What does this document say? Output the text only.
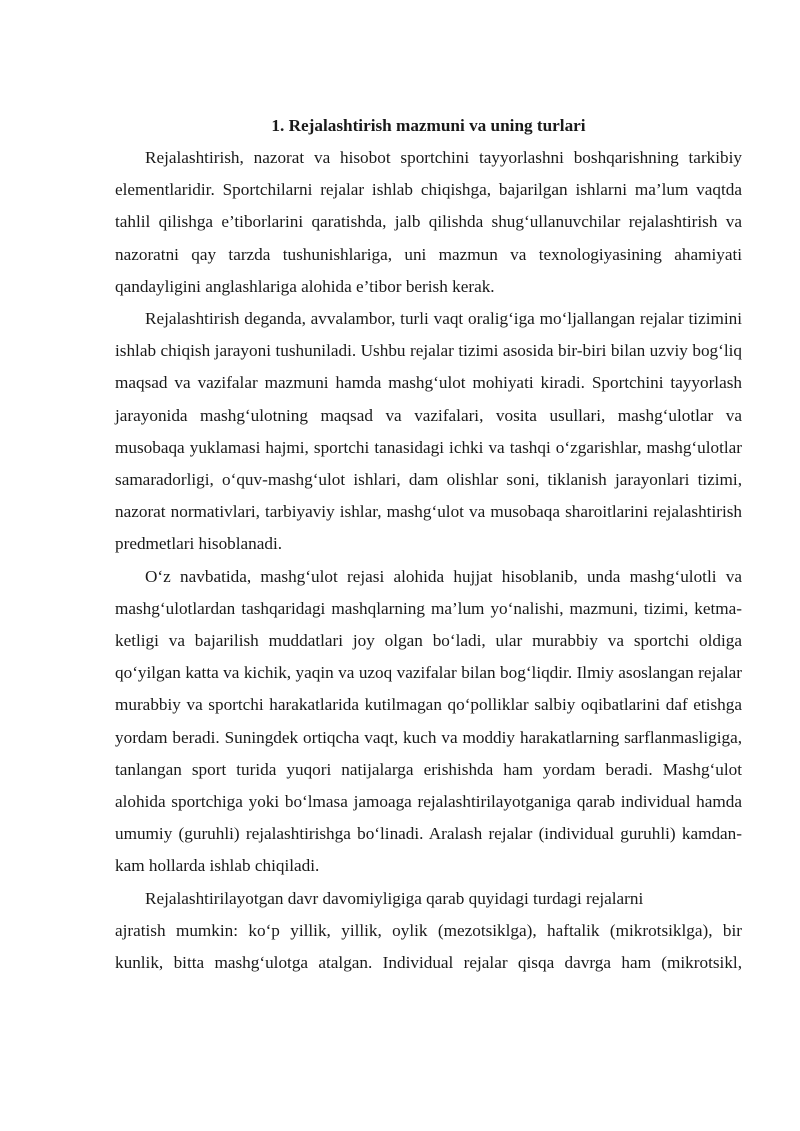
1. Rejalashtirish mazmuni va uning turlari

Rejalashtirish, nazorat va hisobot sportchini tayyorlashni boshqarishning tarkibiy elementlaridir. Sportchilarni rejalar ishlab chiqishga, bajarilgan ishlarni ma’lum vaqtda tahlil qilishga e’tiborlarini qaratishda, jalb qilishda shug‘ullanuvchilar rejalashtirish va nazoratni qay tarzda tushunishlariga, uni mazmun va texnologiyasining ahamiyati qandayligini anglashlariga alohida e’tibor berish kerak.

Rejalashtirish deganda, avvalambor, turli vaqt oralig‘iga mo‘ljallangan rejalar tizimini ishlab chiqish jarayoni tushuniladi. Ushbu rejalar tizimi asosida bir-biri bilan uzviy bog‘liq maqsad va vazifalar mazmuni hamda mashg‘ulot mohiyati kiradi. Sportchini tayyorlash jarayonida mashg‘ulotning maqsad va vazifalari, vosita usullari, mashg‘ulotlar va musobaqa yuklamasi hajmi, sportchi tanasidagi ichki va tashqi o‘zgarishlar, mashg‘ulotlar samaradorligi, o‘quv-mashg‘ulot ishlari, dam olishlar soni, tiklanish jarayonlari tizimi, nazorat normativlari, tarbiyaviy ishlar, mashg‘ulot va musobaqa sharoitlarini rejalashtirish predmetlari hisoblanadi.

O‘z navbatida, mashg‘ulot rejasi alohida hujjat hisoblanib, unda mashg‘ulotli va mashg‘ulotlardan tashqaridagi mashqlarning ma’lum yo‘nalishi, mazmuni, tizimi, ketma-ketligi va bajarilish muddatlari joy olgan bo‘ladi, ular murabbiy va sportchi oldiga qo‘yilgan katta va kichik, yaqin va uzoq vazifalar bilan bog‘liqdir. Ilmiy asoslangan rejalar murabbiy va sportchi harakatlarida kutilmagan qo‘polliklar salbiy oqibatlarini daf etishga yordam beradi. Suningdek ortiqcha vaqt, kuch va moddiy harakatlarning sarflanmasligiga, tanlangan sport turida yuqori natijalarga erishishda ham yordam beradi. Mashg‘ulot alohida sportchiga yoki bo‘lmasa jamoaga rejalashtirilayotganiga qarab individual hamda umumiy (guruhli) rejalashtirishga bo‘linadi. Aralash rejalar (individual guruhli) kamdan-kam hollarda ishlab chiqiladi.

Rejalashtirilayotgan davr davomiyligiga qarab quyidagi turdagi rejalarni

ajratish mumkin: ko‘p yillik, yillik, oylik (mezotsiklga), haftalik (mikrotsiklga), bir

kunlik, bitta mashg‘ulotga atalgan. Individual rejalar qisqa davrga ham (mikrotsikl,
